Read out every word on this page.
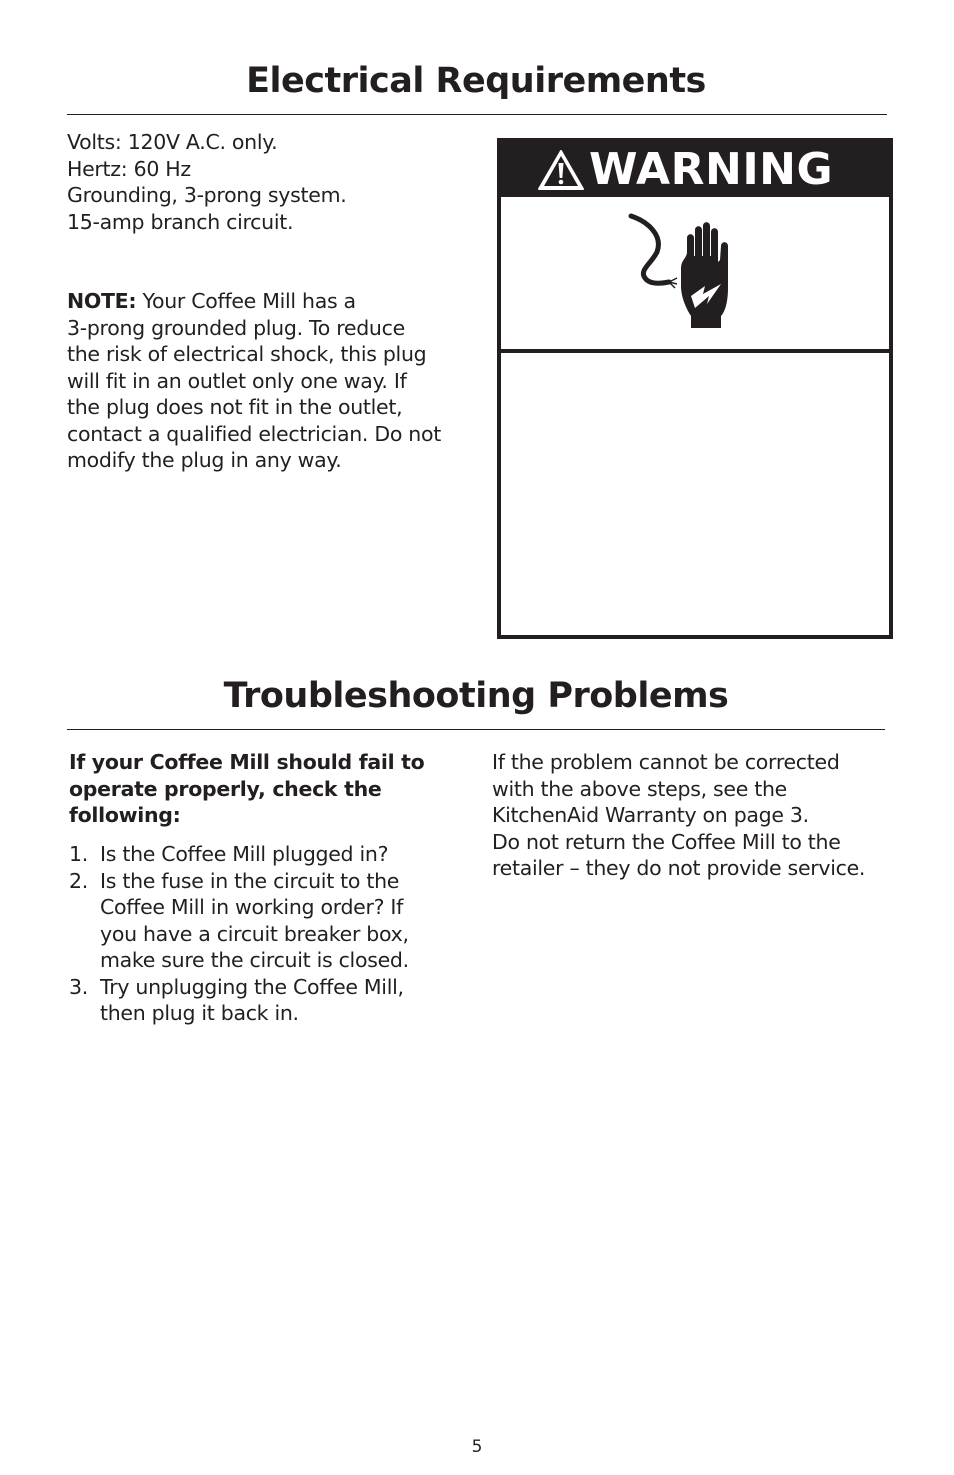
Electrical Requirements
Volts: 120V A.C. only.
Hertz: 60 Hz
Grounding, 3-prong system.
15-amp branch circuit.
NOTE: Your Coffee Mill has a
3-prong grounded plug. To reduce
the risk of electrical shock, this plug
will fit in an outlet only one way. If
the plug does not fit in the outlet,
contact a qualified electrician. Do not
modify the plug in any way.
WARNING
Troubleshooting Problems
If your Coffee Mill should fail to
operate properly, check the
following:
1. Is the Coffee Mill plugged in?
2. Is the fuse in the circuit to the
Coffee Mill in working order? If
you have a circuit breaker box,
make sure the circuit is closed.
3. Try unplugging the Coffee Mill,
then plug it back in.

If the problem cannot be corrected

with the above steps, see the

KitchenAid Warranty on page 3.

Do not return the Coffee Mill to the

retailer – they do not provide service.

5
